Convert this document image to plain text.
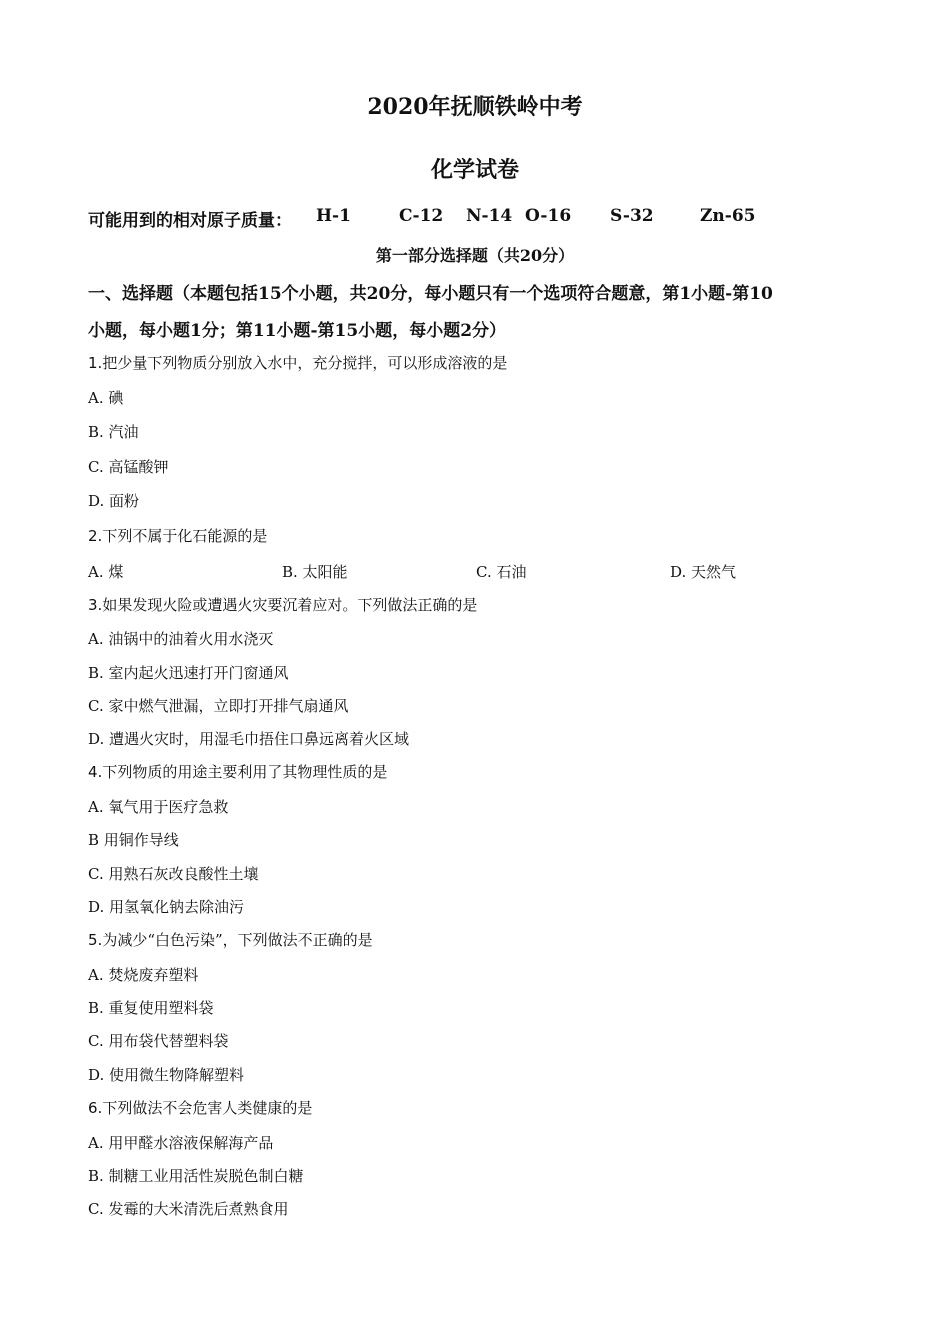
2020年抚顺铁岭中考
化学试卷
可能用到的相对原子质量： H-1	C-12 N-14 O-16 S-32	Zn-65
第一部分选择题（共20分）
一、选择题（本题包括15个小题，共20分，每小题只有一个选项符合题意，第1小题-第10
小题，每小题1分；第11小题-第15小题，每小题2分）
1.把少量下列物质分别放入水中，充分搅拌，可以形成溶液的是
A. 碘
B. 汽油
C. 高锰酸钾
D. 面粉
2.下列不属于化石能源的是
A. 煤	B. 太阳能	C. 石油	D. 天然气
3.如果发现火险或遭遇火灾要沉着应对。下列做法正确的是
A. 油锅中的油着火用水浇灭
B. 室内起火迅速打开门窗通风
C. 家中燃气泄漏，立即打开排气扇通风
D. 遭遇火灾时，用湿毛巾捂住口鼻远离着火区域
4.下列物质的用途主要利用了其物理性质的是
A. 氧气用于医疗急救
B 用铜作导线
C. 用熟石灰改良酸性土壤
D. 用氢氧化钠去除油污
5.为减少“白色污染”，下列做法不正确的是
A. 焚烧废弃塑料
B. 重复使用塑料袋
C. 用布袋代替塑料袋
D. 使用微生物降解塑料
6.下列做法不会危害人类健康的是
A. 用甲醛水溶液保解海产品
B. 制糖工业用活性炭脱色制白糖
C. 发霉的大米清洗后煮熟食用
